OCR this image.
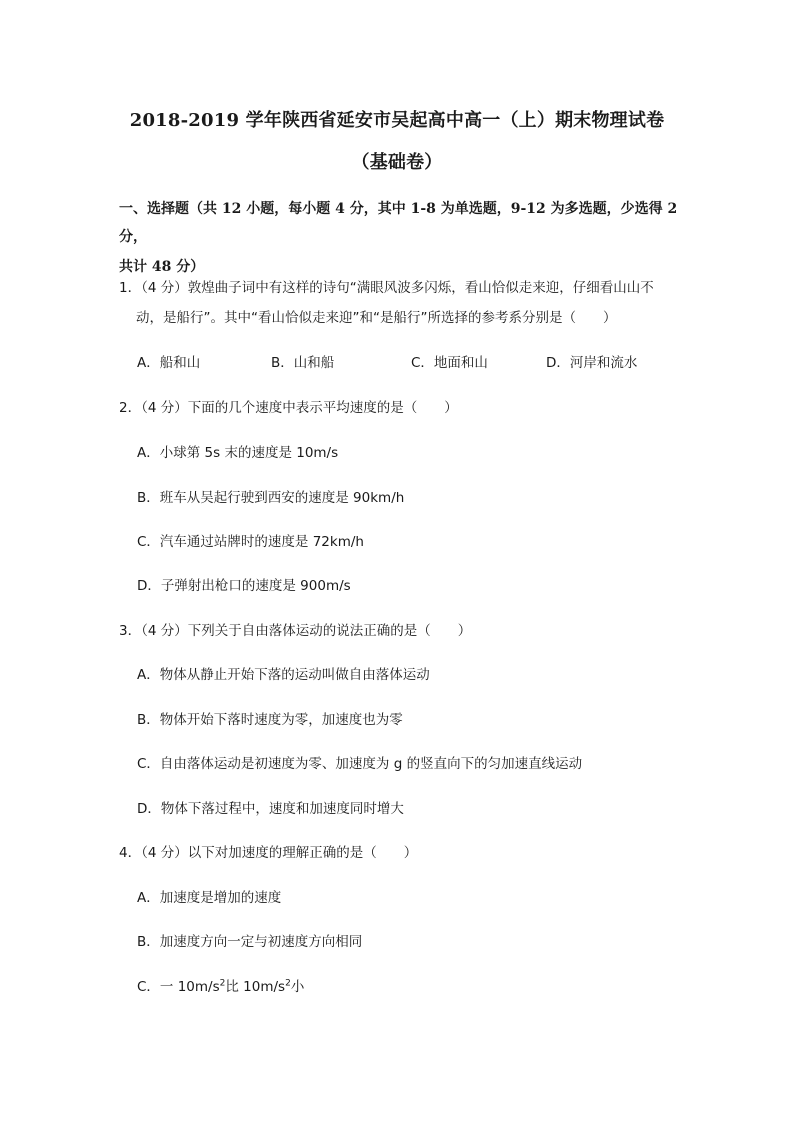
2018-2019 学年陕西省延安市吴起高中高一（上）期末物理试卷
（基础卷）
一、选择题（共 12 小题，每小题 4 分，其中 1-8 为单选题，9-12 为多选题，少选得 2 分，
共计 48 分）
1．（4 分）敦煌曲子词中有这样的诗句“满眼风波多闪烁，看山恰似走来迎，仔细看山山不
动，是船行”。其中“看山恰似走来迎”和“是船行”所选择的参考系分别是（　　）
A．船和山	B．山和船	C．地面和山	D．河岸和流水
2．（4 分）下面的几个速度中表示平均速度的是（　　）
A．小球第 5s 末的速度是 10m/s
B．班车从吴起行驶到西安的速度是 90km/h
C．汽车通过站牌时的速度是 72km/h
D．子弹射出枪口的速度是 900m/s
3．（4 分）下列关于自由落体运动的说法正确的是（　　）
A．物体从静止开始下落的运动叫做自由落体运动
B．物体开始下落时速度为零，加速度也为零
C．自由落体运动是初速度为零、加速度为 g 的竖直向下的匀加速直线运动
D．物体下落过程中，速度和加速度同时增大
4．（4 分）以下对加速度的理解正确的是（　　）
A．加速度是增加的速度
B．加速度方向一定与初速度方向相同
C．一 $10m/s^2$比 $10m/s^2$小
